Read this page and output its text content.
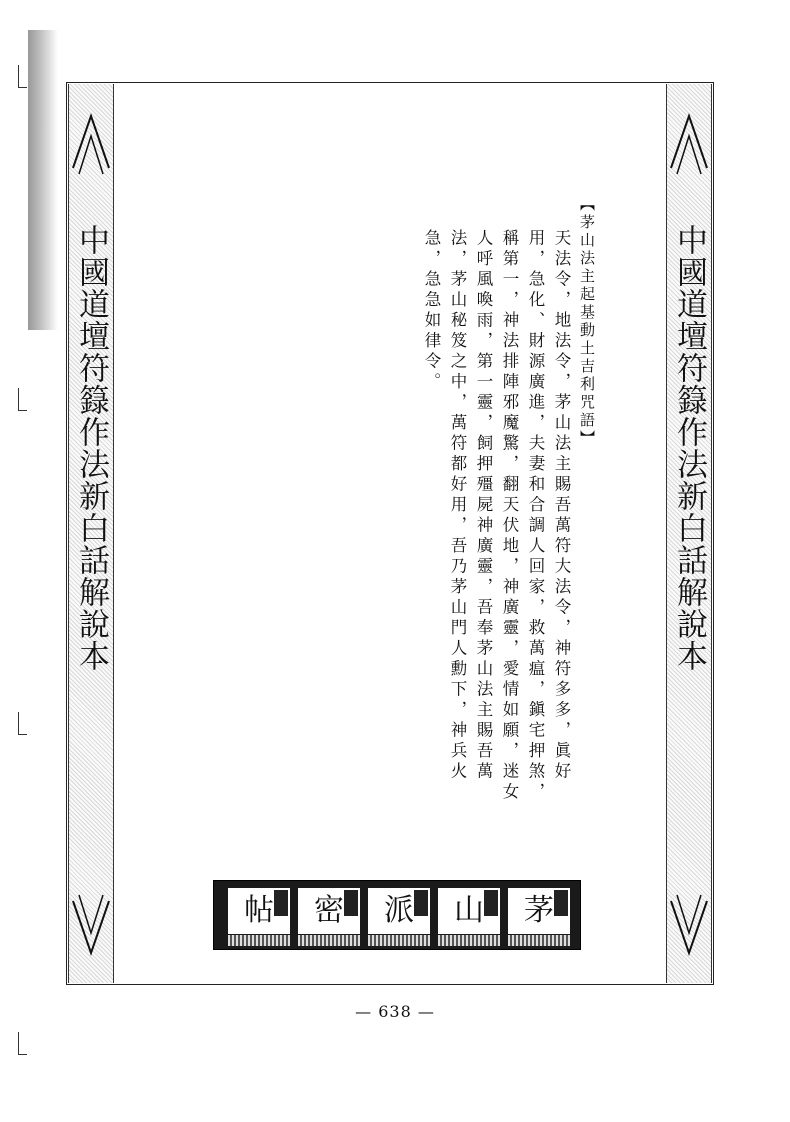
中國道壇符籙作法新白話解說本	中國道壇符籙作法新白話解說本

【茅山法主起基動土吉利咒語】

天法令，地法令，茅山法主賜吾萬符大法令，神符多多，眞好用，急化、財源廣進，夫妻和合調人回家，救萬瘟，鎭宅押煞，稱第一，神法排陣邪魔驚，翻天伏地，神廣靈，愛情如願，迷女人呼風喚雨，第一靈，飼押殭屍神廣靈，吾奉茅山法主賜吾萬法，茅山秘笈之中，萬符都好用，吾乃茅山門人勳下，神兵火急，急急如律令。

帖	密	派	山	茅
— 638 —
